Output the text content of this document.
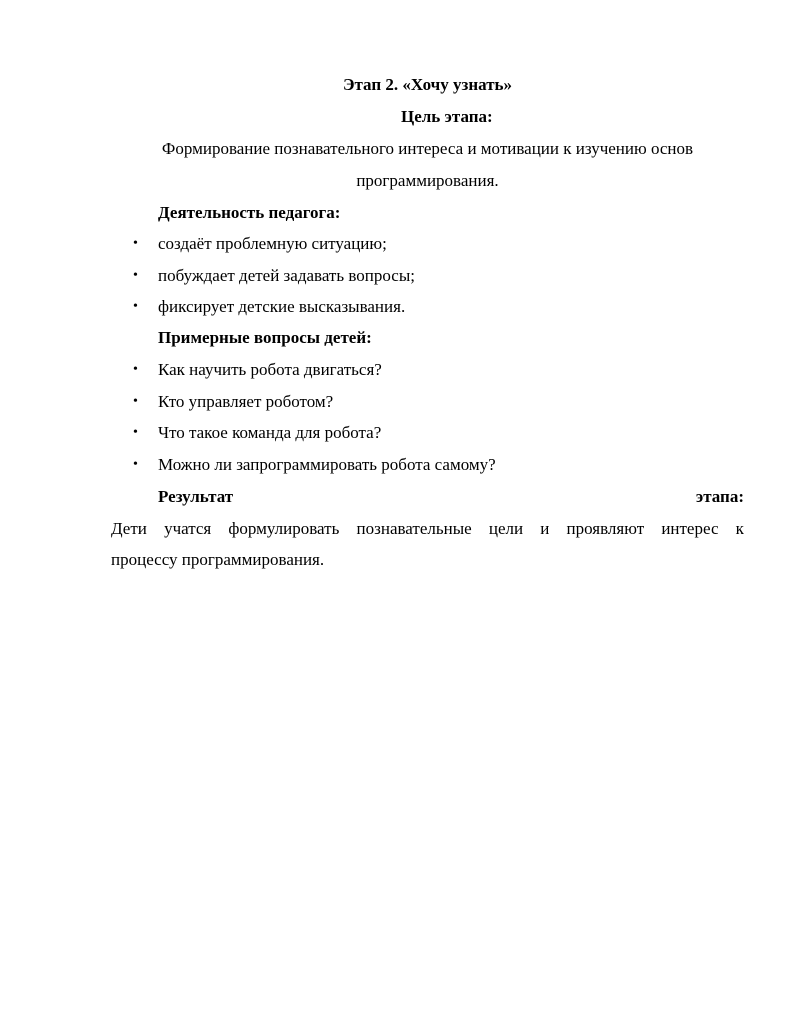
Этап 2. «Хочу узнать»
Цель этапа:
Формирование познавательного интереса и мотивации к изучению основ
программирования.
Деятельность педагога:
• создаёт проблемную ситуацию;
• побуждает детей задавать вопросы;
• фиксирует детские высказывания.
Примерные вопросы детей:
• Как научить робота двигаться?
• Кто управляет роботом?
• Что такое команда для робота?
• Можно ли запрограммировать робота самому?
Результат	этапа:
Дети учатся формулировать познавательные цели и проявляют интерес к
процессу программирования.
